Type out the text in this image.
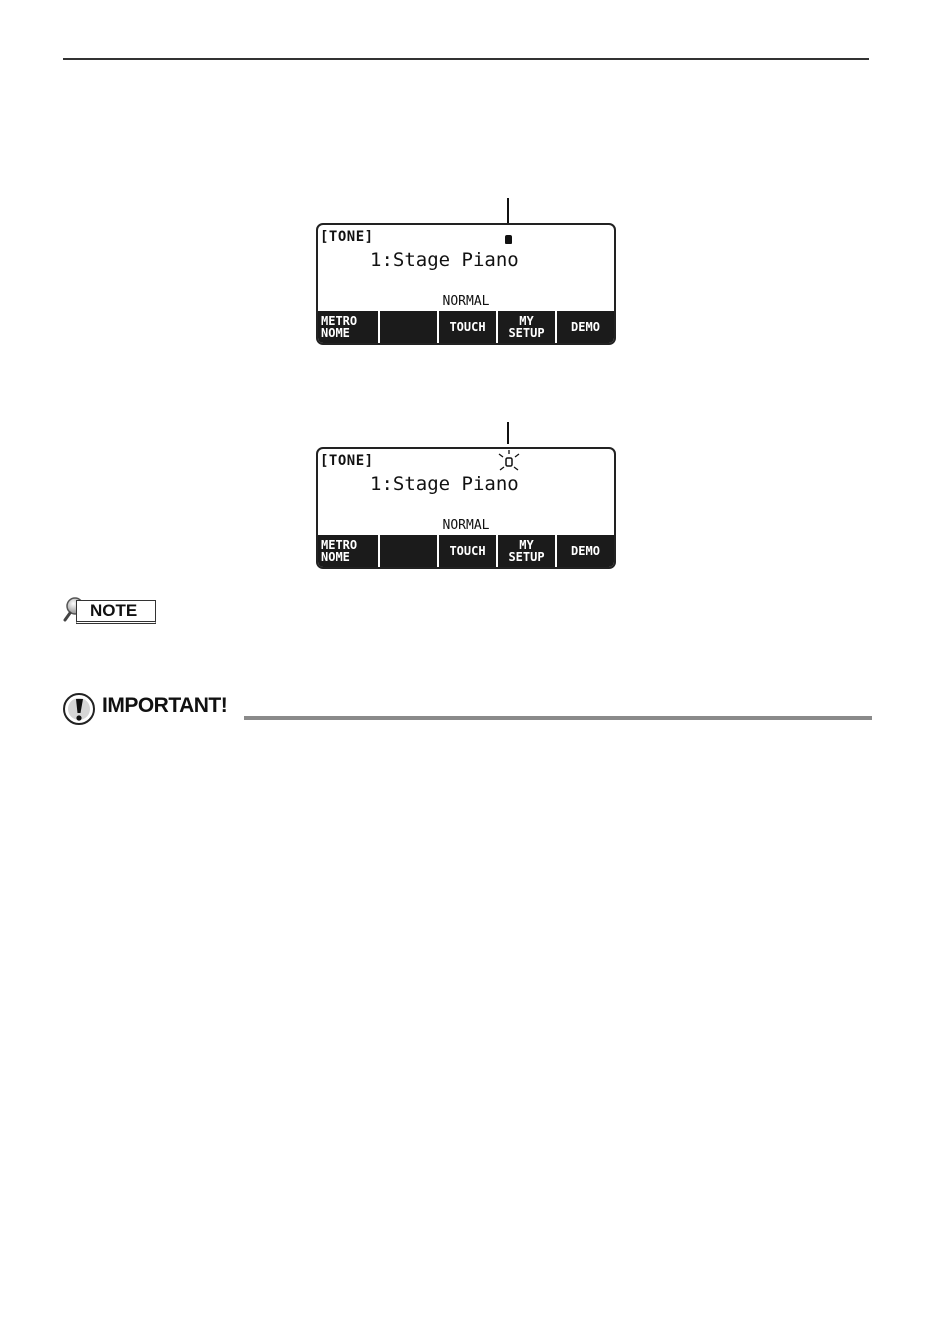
[TONE]
1:Stage Piano
NORMAL
METRO
NOME	TOUCH	MY
SETUP DEMO
[TONE]
1:Stage Piano
NORMAL
METRO
NOME	TOUCH	MY
SETUP DEMO
NOTE
IMPORTANT!
